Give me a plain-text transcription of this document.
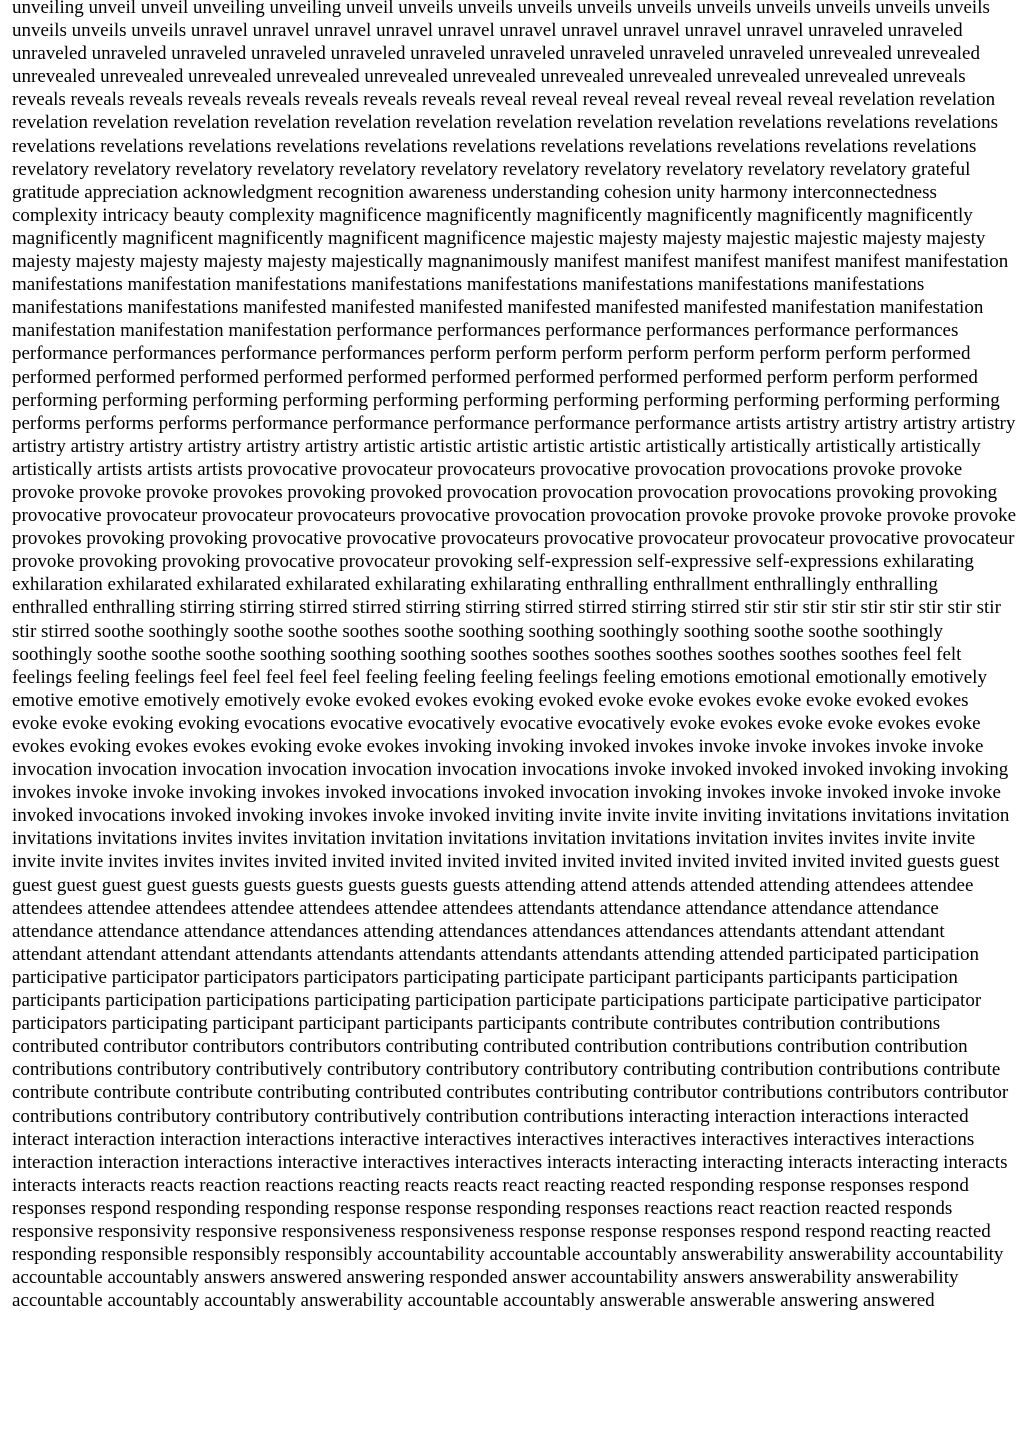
unveiling unveil unveil unveiling unveiling unveil unveils unveils unveils unveils unveils unveils unveils unveils unveils unveils unveils unveils unveils unravel unravel unravel unravel unravel unravel unravel unravel unravel unravel unraveled unraveled unraveled unraveled unraveled unraveled unraveled unraveled unraveled unraveled unraveled unraveled unrevealed unrevealed unrevealed unrevealed unrevealed unrevealed unrevealed unrevealed unrevealed unrevealed unrevealed unrevealed unreveals reveals reveals reveals reveals reveals reveals reveals reveals reveal reveal reveal reveal reveal reveal reveal revelation revelation revelation revelation revelation revelation revelation revelation revelation revelation revelation revelations revelations revelations revelations revelations revelations revelations revelations revelations revelations revelations revelations revelations revelations revelatory revelatory revelatory revelatory revelatory revelatory revelatory revelatory revelatory revelatory revelatory grateful gratitude appreciation acknowledgment recognition awareness understanding cohesion unity harmony interconnectedness complexity intricacy beauty complexity magnificence magnificently magnificently magnificently magnificently magnificently magnificently magnificent magnificently magnificent magnificence majestic majesty majesty majestic majestic majesty majesty majesty majesty majesty majesty majesty majestically magnanimously manifest manifest manifest manifest manifest manifestation manifestations manifestation manifestations manifestations manifestations manifestations manifestations manifestations manifestations manifestations manifested manifested manifested manifested manifested manifested manifestation manifestation manifestation manifestation manifestation performance performances performance performances performance performances performance performances performance performances perform perform perform perform perform perform perform performed performed performed performed performed performed performed performed performed performed perform perform performed performing performing performing performing performing performing performing performing performing performing performing performs performs performs performance performance performance performance performance artists artistry artistry artistry artistry artistry artistry artistry artistry artistry artistry artistic artistic artistic artistic artistic artistically artistically artistically artistically artistically artists artists artists provocative provocateur provocateurs provocative provocation provocations provoke provoke provoke provoke provoke provokes provoking provoked provocation provocation provocation provocations provoking provoking provocative provocateur provocateur provocateurs provocative provocation provocation provoke provoke provoke provoke provoke provokes provoking provoking provocative provocative provocateurs provocative provocateur provocateur provocative provocateur provoke provoking provoking provocative provocateur provoking self-expression self-expressive self-expressions exhilarating exhilaration exhilarated exhilarated exhilarated exhilarating exhilarating enthralling enthrallment enthrallingly enthralling enthralled enthralling stirring stirring stirred stirred stirring stirring stirred stirred stirring stirred stir stir stir stir stir stir stir stir stir stir stirred soothe soothingly soothe soothe soothes soothe soothing soothing soothingly soothing soothe soothe soothingly soothingly soothe soothe soothe soothing soothing soothing soothes soothes soothes soothes soothes soothes soothes feel felt feelings feeling feelings feel feel feel feel feel feeling feeling feeling feelings feeling emotions emotional emotionally emotively emotive emotive emotively emotively evoke evoked evokes evoking evoked evoke evoke evokes evoke evoke evoked evokes evoke evoke evoking evoking evocations evocative evocatively evocative evocatively evoke evokes evoke evoke evokes evoke evokes evoking evokes evokes evoking evoke evokes invoking invoking invoked invokes invoke invoke invokes invoke invoke invocation invocation invocation invocation invocation invocation invocations invoke invoked invoked invoked invoking invoking invokes invoke invoke invoking invokes invoked invocations invoked invocation invoking invokes invoke invoked invoke invoke invoked invocations invoked invoking invokes invoke invoked inviting invite invite invite inviting invitations invitations invitation invitations invitations invites invites invitation invitation invitations invitation invitations invitation invites invites invite invite invite invite invites invites invites invited invited invited invited invited invited invited invited invited invited invited guests guest guest guest guest guest guests guests guests guests guests guests attending attend attends attended attending attendees attendee attendees attendee attendees attendee attendees attendee attendees attendants attendance attendance attendance attendance attendance attendance attendance attendances attending attendances attendances attendances attendants attendant attendant attendant attendant attendant attendants attendants attendants attendants attendants attending attended participated participation participative participator participators participators participating participate participant participants participants participation participants participation participations participating participation participate participations participate participative participator participators participating participant participant participants participants contribute contributes contribution contributions contributed contributor contributors contributors contributing contributed contribution contributions contribution contribution contributions contributory contributively contributory contributory contributory contributing contribution contributions contribute contribute contribute contribute contributing contributed contributes contributing contributor contributions contributors contributor contributions contributory contributory contributively contribution contributions interacting interaction interactions interacted interact interaction interaction interactions interactive interactives interactives interactives interactives interactives interactions interaction interaction interactions interactive interactives interactives interacts interacting interacting interacts interacting interacts interacts interacts reacts reaction reactions reacting reacts reacts react reacting reacted responding response responses respond responses respond responding responding response response responding responses reactions react reaction reacted responds responsive responsivity responsive responsiveness responsiveness response response responses respond respond reacting reacted responding responsible responsibly responsibly accountability accountable accountably answerability answerability accountability accountable accountably answers answered answering responded answer accountability answers answerability answerability accountable accountably accountably answerability accountable accountably answerable answerable answering answered
